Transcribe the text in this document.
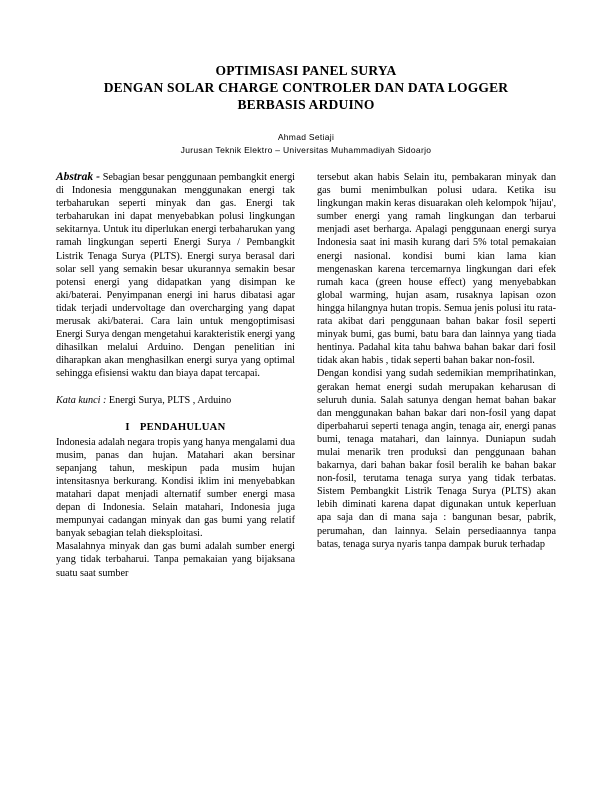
OPTIMISASI PANEL SURYA
DENGAN SOLAR CHARGE CONTROLER DAN DATA LOGGER
BERBASIS ARDUINO
Ahmad Setiaji
Jurusan Teknik Elektro – Universitas Muhammadiyah Sidoarjo

Abstrak - Sebagian besar penggunaan pembangkit energi di Indonesia menggunakan menggunakan energi tak terbaharukan seperti minyak dan gas. Energi tak terbaharukan ini dapat menyebabkan polusi lingkungan sekitarnya. Untuk itu diperlukan energi terbaharukan yang ramah lingkungan seperti Energi Surya / Pembangkit Listrik Tenaga Surya (PLTS). Energi surya berasal dari solar sell yang semakin besar ukurannya semakin besar potensi energi yang didapatkan yang disimpan ke aki/baterai. Penyimpanan energi ini harus dibatasi agar tidak terjadi undervoltage dan overcharging yang dapat merusak aki/baterai. Cara lain untuk mengoptimisasi Energi Surya dengan mengetahui karakteristik energi yang dihasilkan melalui Arduino. Dengan penelitian ini diharapkan akan menghasilkan energi surya yang optimal sehingga efisiensi waktu dan biaya dapat tercapai.

Kata kunci : Energi Surya, PLTS , Arduino

I PENDAHULUAN

Indonesia adalah negara tropis yang hanya mengalami dua musim, panas dan hujan. Matahari akan bersinar sepanjang tahun, meskipun pada musim hujan intensitasnya berkurang. Kondisi iklim ini menyebabkan matahari dapat menjadi alternatif sumber energi masa depan di Indonesia. Selain matahari, Indonesia juga mempunyai cadangan minyak dan gas bumi yang relatif banyak sebagian telah dieksploitasi.

Masalahnya minyak dan gas bumi adalah sumber energi yang tidak terbaharui. Tanpa pemakaian yang bijaksana suatu saat sumber

tersebut akan habis Selain itu, pembakaran minyak dan gas bumi menimbulkan polusi udara. Ketika isu lingkungan makin keras disuarakan oleh kelompok 'hijau', sumber energi yang ramah lingkungan dan terbarui menjadi aset berharga. Apalagi penggunaan energi surya Indonesia saat ini masih kurang dari 5% total pemakaian energi nasional. kondisi bumi kian lama kian mengenaskan karena tercemarnya lingkungan dari efek rumah kaca (green house effect) yang menyebabkan global warming, hujan asam, rusaknya lapisan ozon hingga hilangnya hutan tropis. Semua jenis polusi itu rata-rata akibat dari penggunaan bahan bakar fosil seperti minyak bumi, gas bumi, batu bara dan lainnya yang tiada hentinya. Padahal kita tahu bahwa bahan bakar dari fosil tidak akan habis , tidak seperti bahan bakar non-fosil.

Dengan kondisi yang sudah sedemikian memprihatinkan, gerakan hemat energi sudah merupakan keharusan di seluruh dunia. Salah satunya dengan hemat bahan bakar dan menggunakan bahan bakar dari non-fosil yang dapat diperbaharui seperti tenaga angin, tenaga air, energi panas bumi, tenaga matahari, dan lainnya. Duniapun sudah mulai menarik tren produksi dan penggunaan bahan bakarnya, dari bahan bakar fosil beralih ke bahan bakar non-fosil, terutama tenaga surya yang tidak terbatas. Sistem Pembangkit Listrik Tenaga Surya (PLTS) akan lebih diminati karena dapat digunakan untuk keperluan apa saja dan di mana saja : bangunan besar, pabrik, perumahan, dan lainnya. Selain persediaannya tanpa batas, tenaga surya nyaris tanpa dampak buruk terhadap
